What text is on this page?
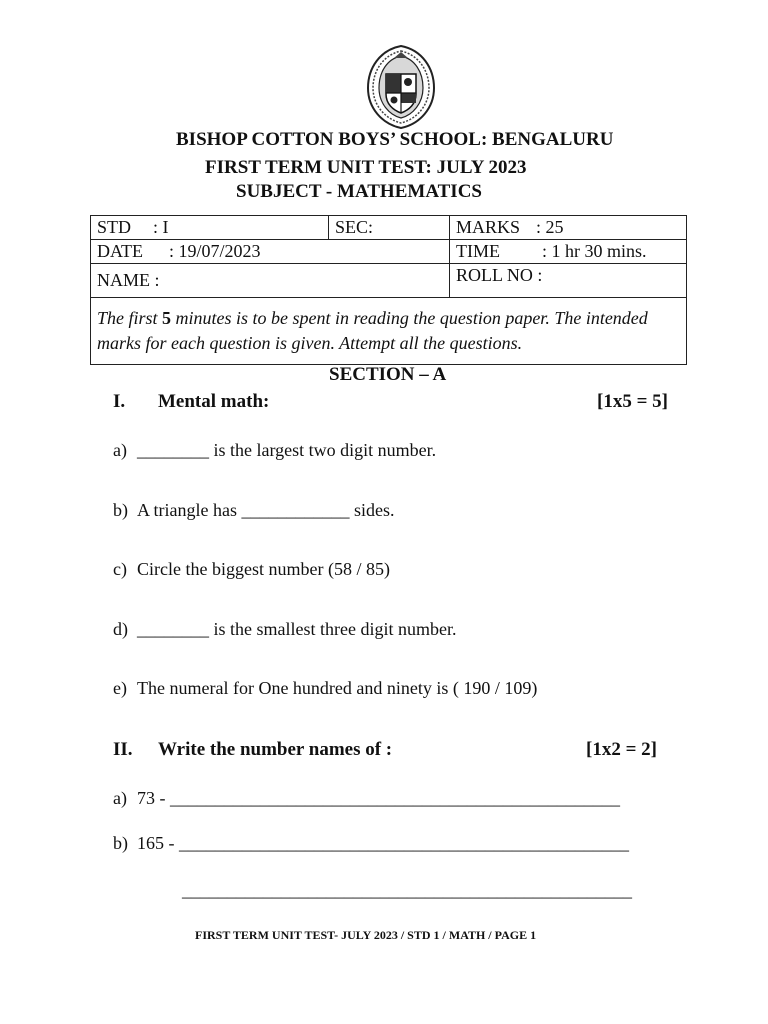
BISHOP COTTON BOYS’ SCHOOL: BENGALURU
FIRST TERM UNIT TEST: JULY 2023
SUBJECT - MATHEMATICS
STD : I	SEC:	MARKS : 25
DATE : 19/07/2023		TIME : 1 hr 30 mins.
NAME :		ROLL NO :
The first 5 minutes is to be spent in reading the question paper. The intended marks for each question is given. Attempt all the questions.		
SECTION – A
I. Mental math:	[1x5 = 5]
a) ________ is the largest two digit number.
b) A triangle has ____________ sides.
c) Circle the biggest number (58 / 85)
d) ________ is the smallest three digit number.
e) The numeral for One hundred and ninety is ( 190 / 109)
II. Write the number names of :	[1x2 = 2]
a) 73 - __________________________________________________
b) 165 - __________________________________________________
__________________________________________________
FIRST TERM UNIT TEST- JULY 2023 / STD 1 / MATH / PAGE 1
